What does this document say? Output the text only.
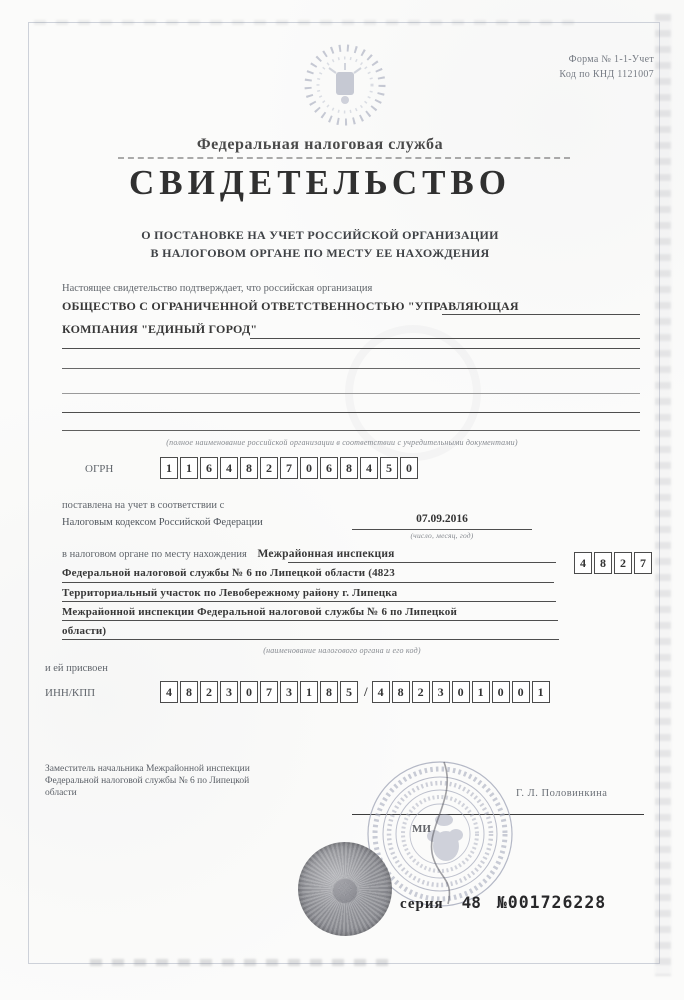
Форма № 1-1-Учет
Код по КНД 1121007
Федеральная налоговая служба
СВИДЕТЕЛЬСТВО
О ПОСТАНОВКЕ НА УЧЕТ РОССИЙСКОЙ ОРГАНИЗАЦИИ
В НАЛОГОВОМ ОРГАНЕ ПО МЕСТУ ЕЕ НАХОЖДЕНИЯ
Настоящее свидетельство подтверждает, что российская организация
ОБЩЕСТВО С ОГРАНИЧЕННОЙ ОТВЕТСТВЕННОСТЬЮ "УПРАВЛЯЮЩАЯ
КОМПАНИЯ "ЕДИНЫЙ ГОРОД"
(полное наименование российской организации в соответствии с учредительными документами)
ОГРН	1 1 6 4 8 2 7 0 6 8 4 5 0
поставлена на учет в соответствии с
Налоговым кодексом Российской Федерации	07.09.2016
(число, месяц, год)
в налоговом органе по месту нахождения Межрайонная инспекция
Федеральной налоговой службы № 6 по Липецкой области (4823
4 8 2 7
Территориальный участок по Левобережному району г. Липецка
Межрайонной инспекции Федеральной налоговой службы № 6 по Липецкой
области)
(наименование налогового органа и его код)
и ей присвоен
ИНН/КПП	4 8 2 3 0 7 3 1 8 5 / 4 8 2 3 0 1 0 0 1
Заместитель начальника Межрайонной инспекции
Федеральной налоговой службы № 6 по Липецкой
области	Г. Л. Половинкина
МИ
серия 48 №001726228
